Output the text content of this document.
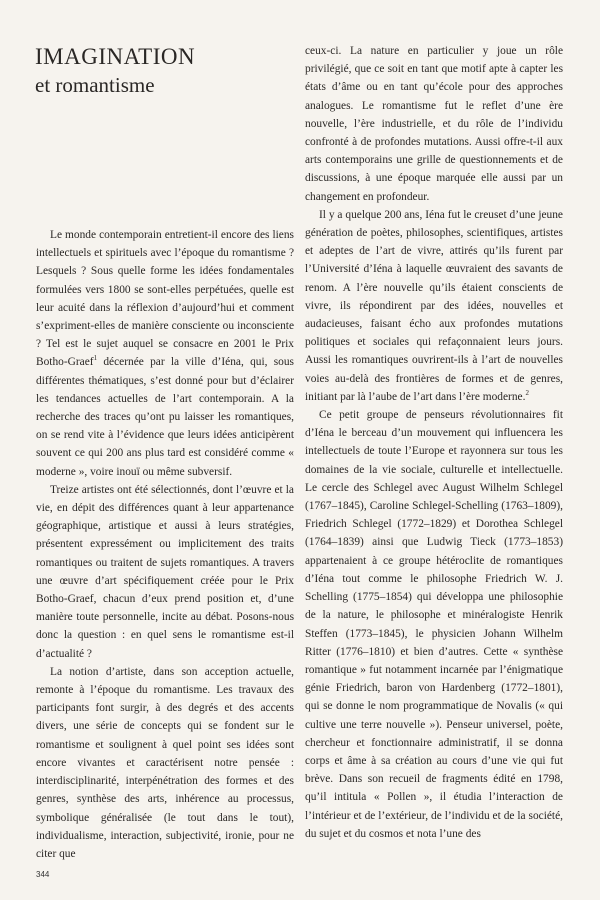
IMAGINATION
et romantisme

Le monde contemporain entretient-il encore des liens intellectuels et spirituels avec l’époque du romantisme ? Lesquels ? Sous quelle forme les idées fondamentales formulées vers 1800 se sont-elles perpétuées, quelle est leur acuité dans la réflexion d’aujourd’hui et comment s’expriment-elles de manière consciente ou inconsciente ? Tel est le sujet auquel se consacre en 2001 le Prix Botho-Graef$^1$ décernée par la ville d’Iéna, qui, sous différentes thématiques, s’est donné pour but d’éclairer les tendances actuelles de l’art contemporain. A la recherche des traces qu’ont pu laisser les romantiques, on se rend vite à l’évidence que leurs idées anticipèrent souvent ce qui 200 ans plus tard est considéré comme « moderne », voire inouï ou même subversif.

Treize artistes ont été sélectionnés, dont l’œuvre et la vie, en dépit des différences quant à leur appartenance géographique, artistique et aussi à leurs stratégies, présentent expressément ou implicitement des traits romantiques ou traitent de sujets romantiques. A travers une œuvre d’art spécifiquement créée pour le Prix Botho-Graef, chacun d’eux prend position et, d’une manière toute personnelle, incite au débat. Posons-nous donc la question : en quel sens le romantisme est-il d’actualité ?

La notion d’artiste, dans son acception actuelle, remonte à l’époque du romantisme. Les travaux des participants font surgir, à des degrés et des accents divers, une série de concepts qui se fondent sur le romantisme et soulignent à quel point ses idées sont encore vivantes et caractérisent notre pensée : interdisciplinarité, interpénétration des formes et des genres, synthèse des arts, inhérence au processus, symbolique généralisée (le tout dans le tout), individualisme, interaction, subjectivité, ironie, pour ne citer que

ceux-ci. La nature en particulier y joue un rôle privilégié, que ce soit en tant que motif apte à capter les états d’âme ou en tant qu’école pour des approches analogues. Le romantisme fut le reflet d’une ère nouvelle, l’ère industrielle, et du rôle de l’individu confronté à de profondes mutations. Aussi offre-t-il aux arts contemporains une grille de questionnements et de discussions, à une époque marquée elle aussi par un changement en profondeur.

Il y a quelque 200 ans, Iéna fut le creuset d’une jeune génération de poètes, philosophes, scientifiques, artistes et adeptes de l’art de vivre, attirés qu’ils furent par l’Université d’Iéna à laquelle œuvraient des savants de renom. A l’ère nouvelle qu’ils étaient conscients de vivre, ils répondirent par des idées, nouvelles et audacieuses, faisant écho aux profondes mutations politiques et sociales qui refaçonnaient leurs jours. Aussi les romantiques ouvrirent-ils à l’art de nouvelles voies au-delà des frontières de formes et de genres, initiant par là l’aube de l’art dans l’ère moderne.$^2$

Ce petit groupe de penseurs révolutionnaires fit d’Iéna le berceau d’un mouvement qui influencera les intellectuels de toute l’Europe et rayonnera sur tous les domaines de la vie sociale, culturelle et intellectuelle. Le cercle des Schlegel avec August Wilhelm Schlegel (1767–1845), Caroline Schlegel-Schelling (1763–1809), Friedrich Schlegel (1772–1829) et Dorothea Schlegel (1764–1839) ainsi que Ludwig Tieck (1773–1853) appartenaient à ce groupe hétéroclite de romantiques d’Iéna tout comme le philosophe Friedrich W. J. Schelling (1775–1854) qui développa une philosophie de la nature, le philosophe et minéralogiste Henrik Steffen (1773–1845), le physicien Johann Wilhelm Ritter (1776–1810) et bien d’autres. Cette « synthèse romantique » fut notamment incarnée par l’énigmatique génie Friedrich, baron von Hardenberg (1772–1801), qui se donne le nom programmatique de Novalis (« qui cultive une terre nouvelle »). Penseur universel, poète, chercheur et fonctionnaire administratif, il se donna corps et âme à sa création au cours d’une vie qui fut brève. Dans son recueil de fragments édité en 1798, qu’il intitula « Pollen », il étudia l’interaction de l’intérieur et de l’extérieur, de l’individu et de la société, du sujet et du cosmos et nota l’une des

344
